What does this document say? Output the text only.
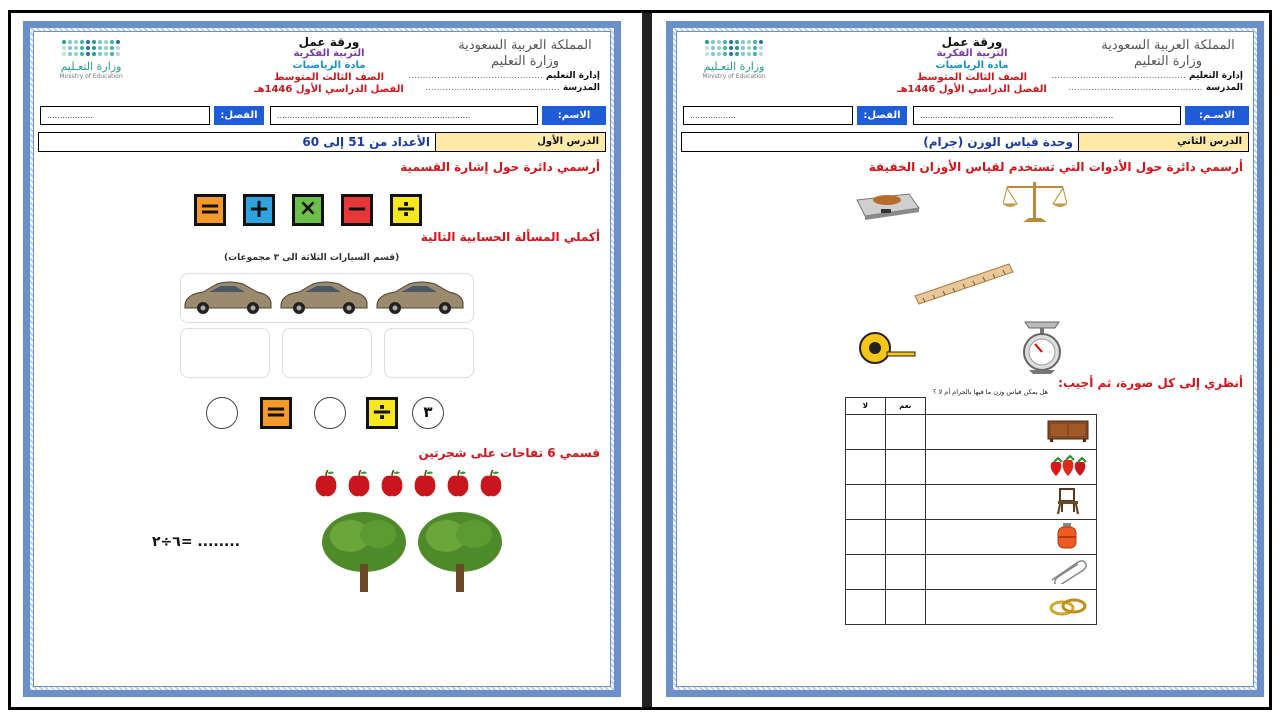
المملكة العربية السعودية
وزارة التعليم
إدارة التعليم ...............................................
المدرسة ...............................................
ورقة عمل
التربية الفكرية
مادة الرياضيات
الصف الثالث المتوسط
الفصل الدراسي الأول 1446هـ
وزارة التعـليم
Ministry of Education
الاسم:
............................................................................
الفصل:
..................
الدرس الأول
الأعداد من 51 إلى 60
أرسمي دائرة حول إشارة القسمية
÷
−
×
+
=
أكملي المسألة الحسابية التالية
(قسم السيارات الثلاثة الى ٣ مجموعات)
٣
÷
=
قسمي 6 تفاحات على شجرتين
٦÷٢= ........
المملكة العربية السعودية
وزارة التعليم
إدارة التعليم ...............................................
المدرسة ...............................................
ورقة عمل
التربية الفكرية
مادة الرياضيات
الصف الثالث المتوسط
الفصل الدراسي الأول 1446هـ
وزارة التعـليم
Ministry of Education
الاسـم:
............................................................................
الفصل:
..................
الدرس الثاني
وحدة قياس الوزن (جرام)
أرسمي دائرة حول الأدوات التي تستخدم لقياس الأوزان الخفيفة
أنظري إلى كل صورة، ثم أجيب:
هل يمكن قياس وزن ما فيها بالجرام أم لا ؟
	نعم	لا
